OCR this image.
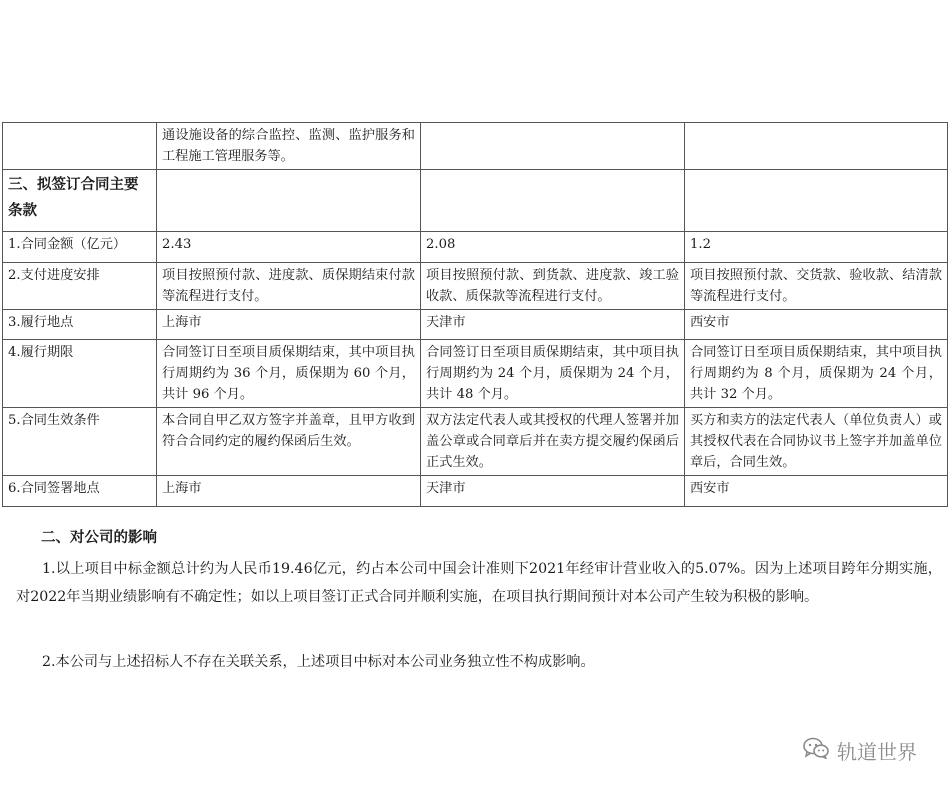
	通设施设备的综合监控、监测、监护服务和工程施工管理服务等。		
三、拟签订合同主要条款			
1.合同金额（亿元）	2.43	2.08	1.2
2.支付进度安排	项目按照预付款、进度款、质保期结束付款等流程进行支付。	项目按照预付款、到货款、进度款、竣工验收款、质保款等流程进行支付。	项目按照预付款、交货款、验收款、结清款等流程进行支付。
3.履行地点	上海市	天津市	西安市
4.履行期限	合同签订日至项目质保期结束，其中项目执行周期约为 36 个月，质保期为 60 个月，共计 96 个月。	合同签订日至项目质保期结束，其中项目执行周期约为 24 个月，质保期为 24 个月，共计 48 个月。	合同签订日至项目质保期结束，其中项目执行周期约为 8 个月，质保期为 24 个月，共计 32 个月。
5.合同生效条件	本合同自甲乙双方签字并盖章，且甲方收到符合合同约定的履约保函后生效。	双方法定代表人或其授权的代理人签署并加盖公章或合同章后并在卖方提交履约保函后正式生效。	买方和卖方的法定代表人（单位负责人）或其授权代表在合同协议书上签字并加盖单位章后，合同生效。
6.合同签署地点	上海市	天津市	西安市
二、对公司的影响
1.以上项目中标金额总计约为人民币19.46亿元，约占本公司中国会计准则下2021年经审计营业收入的5.07%。因为上述项目跨年分期实施，对2022年当期业绩影响有不确定性；如以上项目签订正式合同并顺利实施，在项目执行期间预计对本公司产生较为积极的影响。
2.本公司与上述招标人不存在关联关系，上述项目中标对本公司业务独立性不构成影响。
轨道世界
